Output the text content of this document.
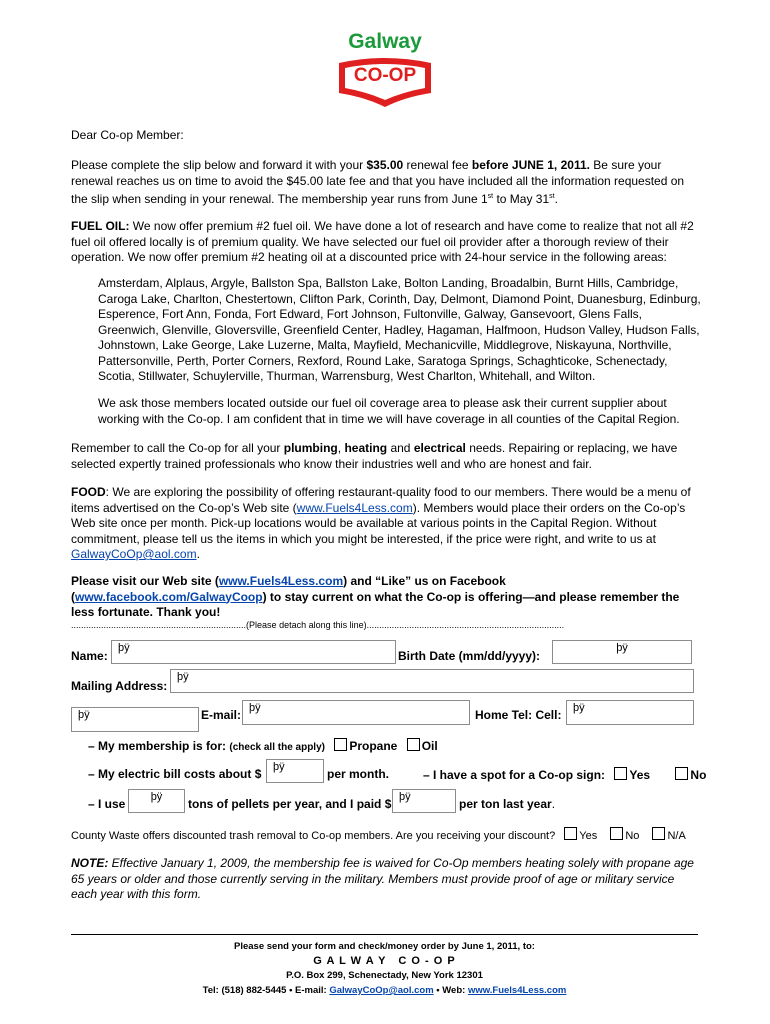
Galway
CO-OP
Dear Co-op Member:
Please complete the slip below and forward it with your $35.00 renewal fee before JUNE 1, 2011. Be sure your renewal reaches us on time to avoid the $45.00 late fee and that you have included all the information requested on the slip when sending in your renewal. The membership year runs from June 1st to May 31st.
FUEL OIL: We now offer premium #2 fuel oil. We have done a lot of research and have come to realize that not all #2 fuel oil offered locally is of premium quality. We have selected our fuel oil provider after a thorough review of their operation. We now offer premium #2 heating oil at a discounted price with 24-hour service in the following areas:
Amsterdam, Alplaus, Argyle, Ballston Spa, Ballston Lake, Bolton Landing, Broadalbin, Burnt Hills, Cambridge, Caroga Lake, Charlton, Chestertown, Clifton Park, Corinth, Day, Delmont, Diamond Point, Duanesburg, Edinburg, Esperence, Fort Ann, Fonda, Fort Edward, Fort Johnson, Fultonville, Galway, Gansevoort, Glens Falls, Greenwich, Glenville, Gloversville, Greenfield Center, Hadley, Hagaman, Halfmoon, Hudson Valley, Hudson Falls, Johnstown, Lake George, Lake Luzerne, Malta, Mayfield, Mechanicville, Middlegrove, Niskayuna, Northville, Pattersonville, Perth, Porter Corners, Rexford, Round Lake, Saratoga Springs, Schaghticoke, Schenectady, Scotia, Stillwater, Schuylerville, Thurman, Warrensburg, West Charlton, Whitehall, and Wilton.
We ask those members located outside our fuel oil coverage area to please ask their current supplier about working with the Co-op. I am confident that in time we will have coverage in all counties of the Capital Region.
Remember to call the Co-op for all your plumbing, heating and electrical needs. Repairing or replacing, we have selected expertly trained professionals who know their industries well and who are honest and fair.
FOOD: We are exploring the possibility of offering restaurant-quality food to our members. There would be a menu of items advertised on the Co-op’s Web site (www.Fuels4Less.com). Members would place their orders on the Co-op’s Web site once per month. Pick-up locations would be available at various points in the Capital Region. Without commitment, please tell us the items in which you might be interested, if the price were right, and write to us at GalwayCoOp@aol.com.
Please visit our Web site (www.Fuels4Less.com) and “Like” us on Facebook (www.facebook.com/GalwayCoop) to stay current on what the Co-op is offering—and please remember the less fortunate. Thank you!
......................................................................(Please detach along this line)...............................................................................
Name:
þÿ
Birth Date (mm/dd/yyyy):
þÿ
Mailing Address:
þÿ
þÿ	E-mail: þÿ	Home Tel: Cell:	þÿ
– My membership is for: (check all the apply) Propane Oil
– My electric bill costs about $	þÿ	per month.	– I have a spot for a Co-op sign: Yes	No
– I use	þÿ	tons of pellets per year, and I paid $ þÿ	per ton last year.
County Waste offers discounted trash removal to Co-op members. Are you receiving your discount? Yes	No	N/A
NOTE: Effective January 1, 2009, the membership fee is waived for Co-Op members heating solely with propane age 65 years or older and those currently serving in the military. Members must provide proof of age or military service each year with this form.
Please send your form and check/money order by June 1, 2011, to:
G A L W A Y   C O - O P
P.O. Box 299, Schenectady, New York 12301
Tel: (518) 882-5445 • E-mail: GalwayCoOp@aol.com • Web: www.Fuels4Less.com
